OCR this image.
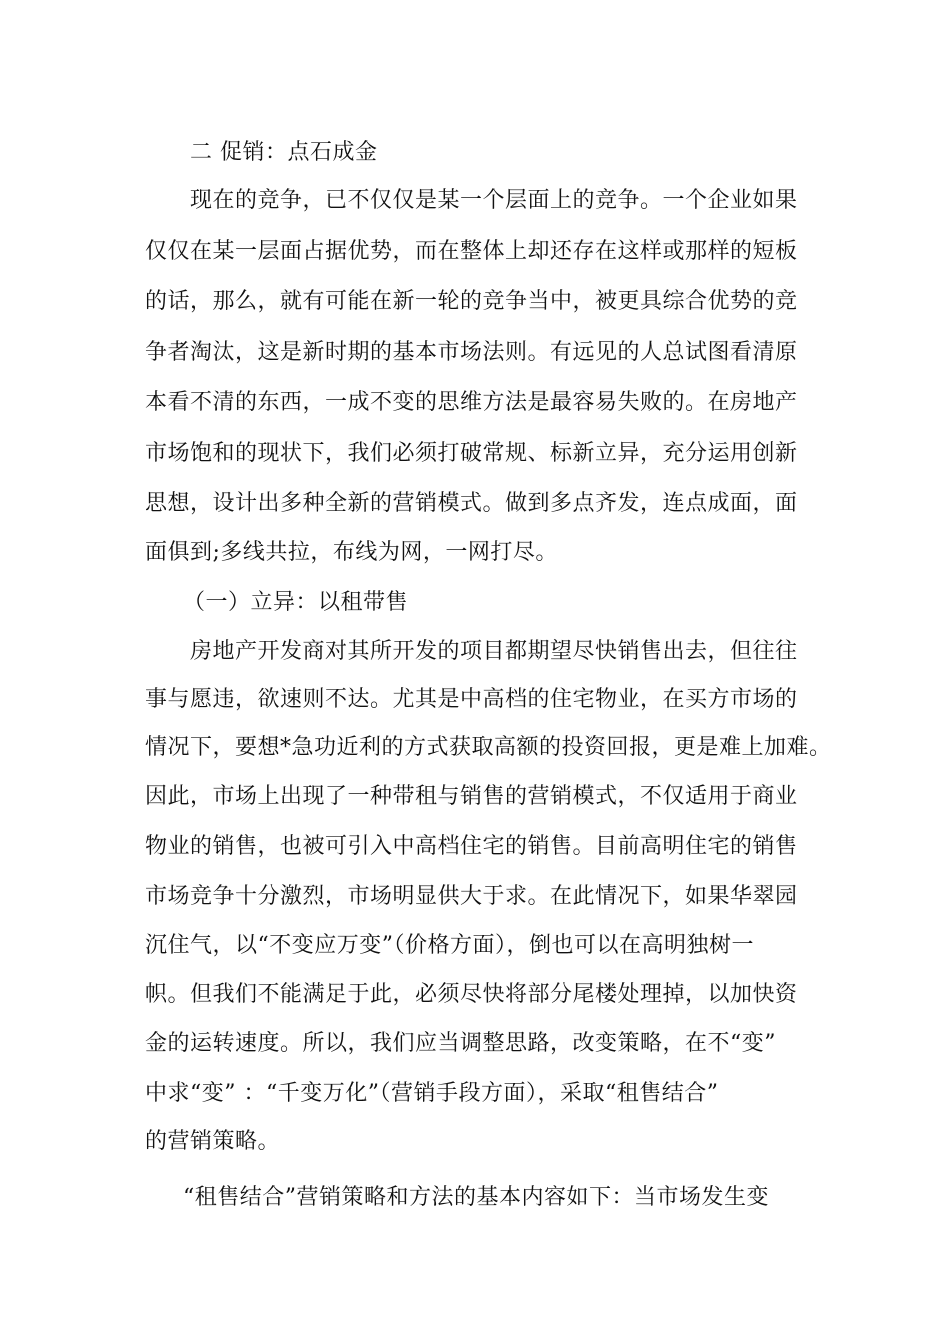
二 促销：点石成金
现在的竞争，已不仅仅是某一个层面上的竞争。一个企业如果
仅仅在某一层面占据优势，而在整体上却还存在这样或那样的短板
的话，那么，就有可能在新一轮的竞争当中，被更具综合优势的竞
争者淘汰，这是新时期的基本市场法则。有远见的人总试图看清原
本看不清的东西，一成不变的思维方法是最容易失败的。在房地产
市场饱和的现状下，我们必须打破常规、标新立异，充分运用创新
思想，设计出多种全新的营销模式。做到多点齐发，连点成面，面
面俱到;多线共拉，布线为网，一网打尽。
（一）立异：以租带售
房地产开发商对其所开发的项目都期望尽快销售出去，但往往
事与愿违，欲速则不达。尤其是中高档的住宅物业，在买方市场的
情况下，要想*急功近利的方式获取高额的投资回报，更是难上加难。
因此，市场上出现了一种带租与销售的营销模式，不仅适用于商业
物业的销售，也被可引入中高档住宅的销售。目前高明住宅的销售
市场竞争十分激烈，市场明显供大于求。在此情况下，如果华翠园
沉住气，以“不变应万变”（价格方面），倒也可以在高明独树一
帜。但我们不能满足于此，必须尽快将部分尾楼处理掉，以加快资
金的运转速度。所以，我们应当调整思路，改变策略，在不“变”
中求“变” ：“千变万化”（营销手段方面），采取“租售结合”
的营销策略。
“租售结合”营销策略和方法的基本内容如下：当市场发生变
